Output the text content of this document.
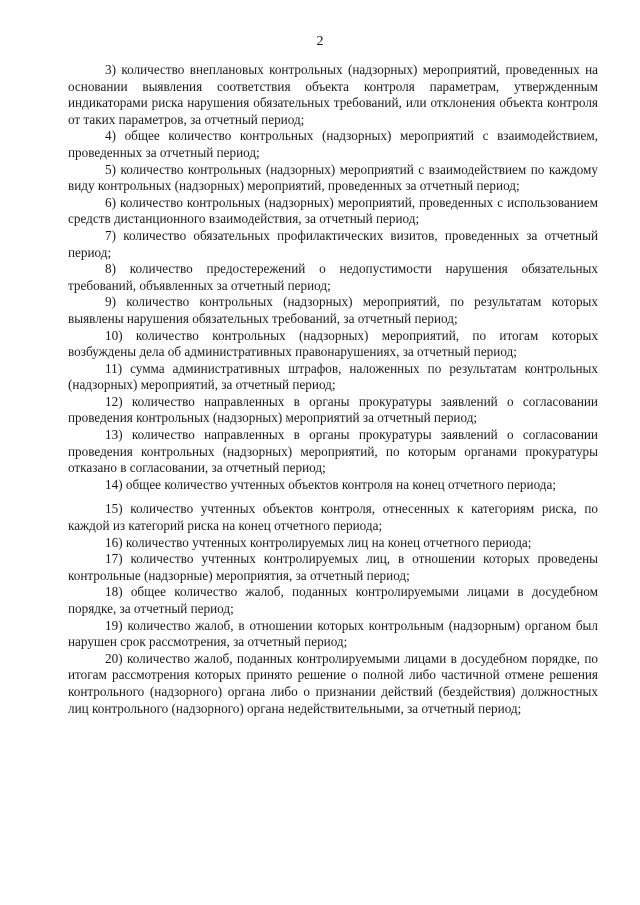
2

3) количество внеплановых контрольных (надзорных) мероприятий, проведенных на основании выявления соответствия объекта контроля параметрам, утвержденным индикаторами риска нарушения обязательных требований, или отклонения объекта контроля от таких параметров, за отчетный период;

4) общее количество контрольных (надзорных) мероприятий с взаимодействием, проведенных за отчетный период;

5) количество контрольных (надзорных) мероприятий с взаимодействием по каждому виду контрольных (надзорных) мероприятий, проведенных за отчетный период;

6) количество контрольных (надзорных) мероприятий, проведенных с использованием средств дистанционного взаимодействия, за отчетный период;

7) количество обязательных профилактических визитов, проведенных за отчетный период;

8) количество предостережений о недопустимости нарушения обязательных требований, объявленных за отчетный период;

9) количество контрольных (надзорных) мероприятий, по результатам которых выявлены нарушения обязательных требований, за отчетный период;

10) количество контрольных (надзорных) мероприятий, по итогам которых возбуждены дела об административных правонарушениях, за отчетный период;

11) сумма административных штрафов, наложенных по результатам контрольных (надзорных) мероприятий, за отчетный период;

12) количество направленных в органы прокуратуры заявлений о согласовании проведения контрольных (надзорных) мероприятий за отчетный период;

13) количество направленных в органы прокуратуры заявлений о согласовании проведения контрольных (надзорных) мероприятий, по которым органами прокуратуры отказано в согласовании, за отчетный период;

14) общее количество учтенных объектов контроля на конец отчетного периода;

15) количество учтенных объектов контроля, отнесенных к категориям риска, по каждой из категорий риска на конец отчетного периода;

16) количество учтенных контролируемых лиц на конец отчетного периода;

17) количество учтенных контролируемых лиц, в отношении которых проведены контрольные (надзорные) мероприятия, за отчетный период;

18) общее количество жалоб, поданных контролируемыми лицами в досудебном порядке, за отчетный период;

19) количество жалоб, в отношении которых контрольным (надзорным) органом был нарушен срок рассмотрения, за отчетный период;

20) количество жалоб, поданных контролируемыми лицами в досудебном порядке, по итогам рассмотрения которых принято решение о полной либо частичной отмене решения контрольного (надзорного) органа либо о признании действий (бездействия) должностных лиц контрольного (надзорного) органа недействительными, за отчетный период;
